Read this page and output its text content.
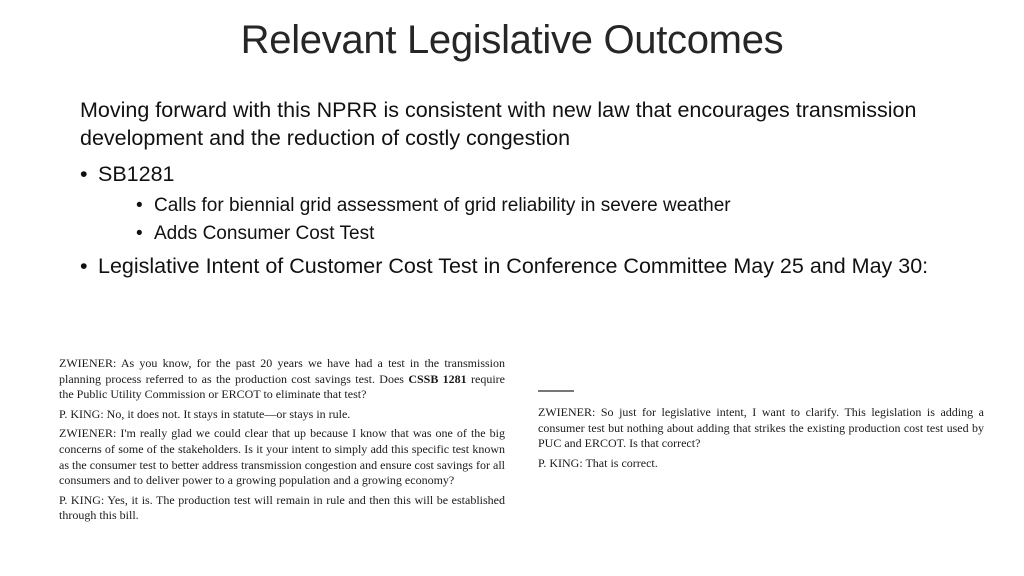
Relevant Legislative Outcomes
Moving forward with this NPRR is consistent with new law that encourages transmission development and the reduction of costly congestion
• SB1281
• Calls for biennial grid assessment of grid reliability in severe weather
• Adds Consumer Cost Test
• Legislative Intent of Customer Cost Test in Conference Committee May 25 and May 30:

ZWIENER: As you know, for the past 20 years we have had a test in the transmission planning process referred to as the production cost savings test. Does CSSB 1281 require the Public Utility Commission or ERCOT to eliminate that test?

P. KING: No, it does not. It stays in statute—or stays in rule.

ZWIENER: I'm really glad we could clear that up because I know that was one of the big concerns of some of the stakeholders. Is it your intent to simply add this specific test known as the consumer test to better address transmission congestion and ensure cost savings for all consumers and to deliver power to a growing population and a growing economy?

P. KING: Yes, it is. The production test will remain in rule and then this will be established through this bill.

ZWIENER: So just for legislative intent, I want to clarify. This legislation is adding a consumer test but nothing about adding that strikes the existing production cost test used by PUC and ERCOT. Is that correct?

P. KING: That is correct.
